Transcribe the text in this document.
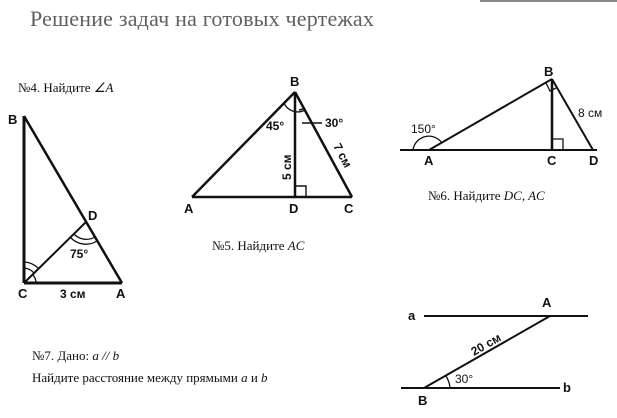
Решение задач на готовых чертежах
№4. Найдите ∠A
№5. Найдите AC
№6. Найдите DC, AC
№7. Дано: a // b
Найдите расстояние между прямыми a и b
B
D
C	A
75°
3 см
B
A	D	C
45°	30°
5 см	7 см
B
A	C	D
150°
8 см
a
A
B
b
20 см
30°
